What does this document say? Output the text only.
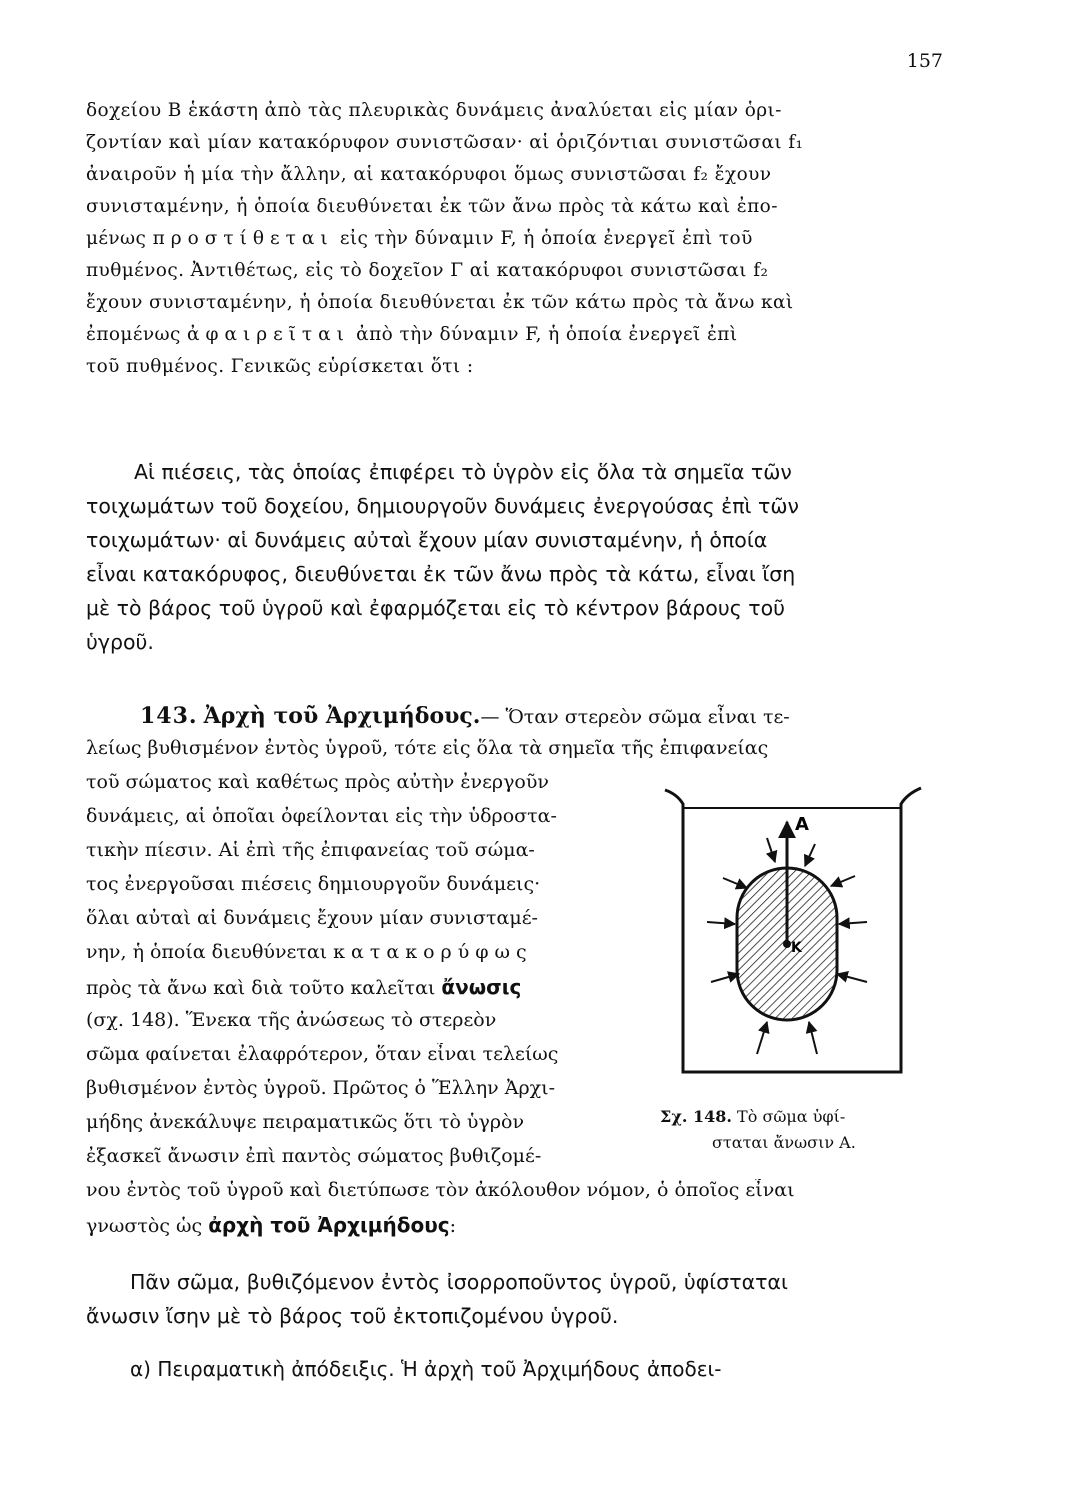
157
δοχείου Β ἑκάστη ἀπὸ τὰς πλευρικὰς δυνάμεις ἀναλύεται εἰς μίαν ὁρι-
ζοντίαν καὶ μίαν κατακόρυφον συνιστῶσαν· αἱ ὁριζόντιαι συνιστῶσαι f₁
ἀναιροῦν ἡ μία τὴν ἄλλην, αἱ κατακόρυφοι ὅμως συνιστῶσαι f₂ ἔχουν
συνισταμένην, ἡ ὁποία διευθύνεται ἐκ τῶν ἄνω πρὸς τὰ κάτω καὶ ἐπο-
μένως προστίθεται εἰς τὴν δύναμιν F, ἡ ὁποία ἐνεργεῖ ἐπὶ τοῦ
πυθμένος. Ἀντιθέτως, εἰς τὸ δοχεῖον Γ αἱ κατακόρυφοι συνιστῶσαι f₂
ἔχουν συνισταμένην, ἡ ὁποία διευθύνεται ἐκ τῶν κάτω πρὸς τὰ ἄνω καὶ
ἐπομένως ἀφαιρεῖται ἀπὸ τὴν δύναμιν F, ἡ ὁποία ἐνεργεῖ ἐπὶ
τοῦ πυθμένος. Γενικῶς εὑρίσκεται ὅτι :
Αἱ πιέσεις, τὰς ὁποίας ἐπιφέρει τὸ ὑγρὸν εἰς ὅλα τὰ σημεῖα τῶν
τοιχωμάτων τοῦ δοχείου, δημιουργοῦν δυνάμεις ἐνεργούσας ἐπὶ τῶν
τοιχωμάτων· αἱ δυνάμεις αὐταὶ ἔχουν μίαν συνισταμένην, ἡ ὁποία
εἶναι κατακόρυφος, διευθύνεται ἐκ τῶν ἄνω πρὸς τὰ κάτω, εἶναι ἴση
μὲ τὸ βάρος τοῦ ὑγροῦ καὶ ἐφαρμόζεται εἰς τὸ κέντρον βάρους τοῦ
ὑγροῦ.
143. Ἀρχὴ τοῦ Ἀρχιμήδους.— Ὅταν στερεὸν σῶμα εἶναι τε-
λείως βυθισμένον ἐντὸς ὑγροῦ, τότε εἰς ὅλα τὰ σημεῖα τῆς ἐπιφανείας
τοῦ σώματος καὶ καθέτως πρὸς αὐτὴν ἐνεργοῦν
δυνάμεις, αἱ ὁποῖαι ὀφείλονται εἰς τὴν ὑδροστα-
τικὴν πίεσιν. Αἱ ἐπὶ τῆς ἐπιφανείας τοῦ σώμα-
τος ἐνεργοῦσαι πιέσεις δημιουργοῦν δυνάμεις·
ὅλαι αὐταὶ αἱ δυνάμεις ἔχουν μίαν συνισταμέ-
νην, ἡ ὁποία διευθύνεται κατακορύφως
πρὸς τὰ ἄνω καὶ διὰ τοῦτο καλεῖται ἄνωσις
(σχ. 148). Ἕνεκα τῆς ἀνώσεως τὸ στερεὸν
σῶμα φαίνεται ἐλαφρότερον, ὅταν εἶναι τελείως
βυθισμένον ἐντὸς ὑγροῦ. Πρῶτος ὁ Ἕλλην Ἀρχι-
μήδης ἀνεκάλυψε πειραματικῶς ὅτι τὸ ὑγρὸν
ἐξασκεῖ ἄνωσιν ἐπὶ παντὸς σώματος βυθιζομέ-
νου ἐντὸς τοῦ ὑγροῦ καὶ διετύπωσε τὸν ἀκόλουθον νόμον, ὁ ὁποῖος εἶναι
γνωστὸς ὡς ἀρχὴ τοῦ Ἀρχιμήδους:
Πᾶν σῶμα, βυθιζόμενον ἐντὸς ἰσορροποῦντος ὑγροῦ, ὑφίσταται
ἄνωσιν ἴσην μὲ τὸ βάρος τοῦ ἐκτοπιζομένου ὑγροῦ.
α) Πειραματικὴ ἀπόδειξις. Ἡ ἀρχὴ τοῦ Ἀρχιμήδους ἀποδει-
A
K
Σχ. 148. Τὸ σῶμα ὑφί-
σταται ἄνωσιν Α.
